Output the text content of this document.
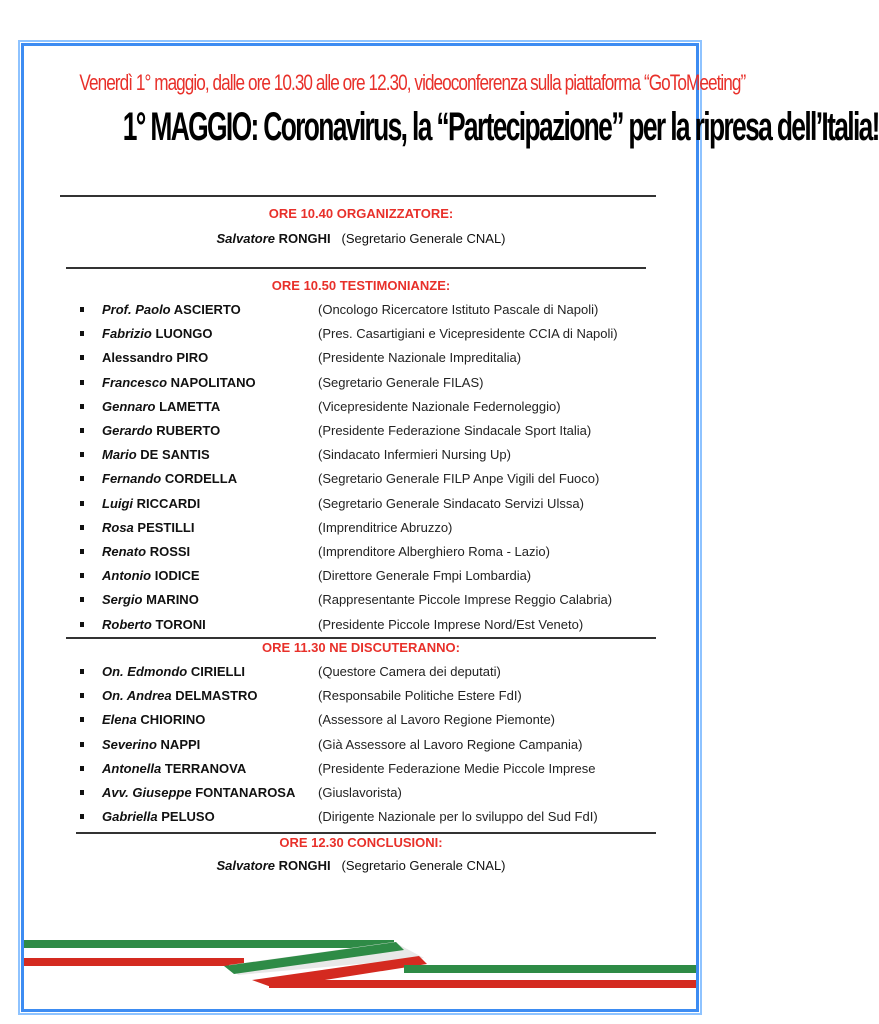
Venerdì 1° maggio, dalle ore 10.30 alle ore 12.30, videoconferenza sulla piattaforma “GoToMeeting”
1° MAGGIO: Coronavirus, la “Partecipazione” per la ripresa dell’Italia!
ORE 10.40 ORGANIZZATORE:
Salvatore RONGHI (Segretario Generale CNAL)
ORE 10.50 TESTIMONIANZE:
Prof. Paolo ASCIERTO	(Oncologo Ricercatore Istituto Pascale di Napoli)
Fabrizio LUONGO	(Pres. Casartigiani e Vicepresidente CCIA di Napoli)
Alessandro PIRO	(Presidente Nazionale Impreditalia)
Francesco NAPOLITANO	(Segretario Generale FILAS)
Gennaro LAMETTA	(Vicepresidente Nazionale Federnoleggio)
Gerardo RUBERTO	(Presidente Federazione Sindacale Sport Italia)
Mario DE SANTIS	(Sindacato Infermieri Nursing Up)
Fernando CORDELLA	(Segretario Generale FILP Anpe Vigili del Fuoco)
Luigi RICCARDI	(Segretario Generale Sindacato Servizi Ulssa)
Rosa PESTILLI	(Imprenditrice Abruzzo)
Renato ROSSI	(Imprenditore Alberghiero Roma - Lazio)
Antonio IODICE	(Direttore Generale Fmpi Lombardia)
Sergio MARINO	(Rappresentante Piccole Imprese Reggio Calabria)
Roberto TORONI	(Presidente Piccole Imprese Nord/Est Veneto)
ORE 11.30 NE DISCUTERANNO:
On. Edmondo CIRIELLI	(Questore Camera dei deputati)
On. Andrea DELMASTRO	(Responsabile Politiche Estere FdI)
Elena CHIORINO	(Assessore al Lavoro Regione Piemonte)
Severino NAPPI	(Già Assessore al Lavoro Regione Campania)
Antonella TERRANOVA	(Presidente Federazione Medie Piccole Imprese
Avv. Giuseppe FONTANAROSA (Giuslavorista)
Gabriella PELUSO	(Dirigente Nazionale per lo sviluppo del Sud FdI)
ORE 12.30 CONCLUSIONI:
Salvatore RONGHI (Segretario Generale CNAL)
